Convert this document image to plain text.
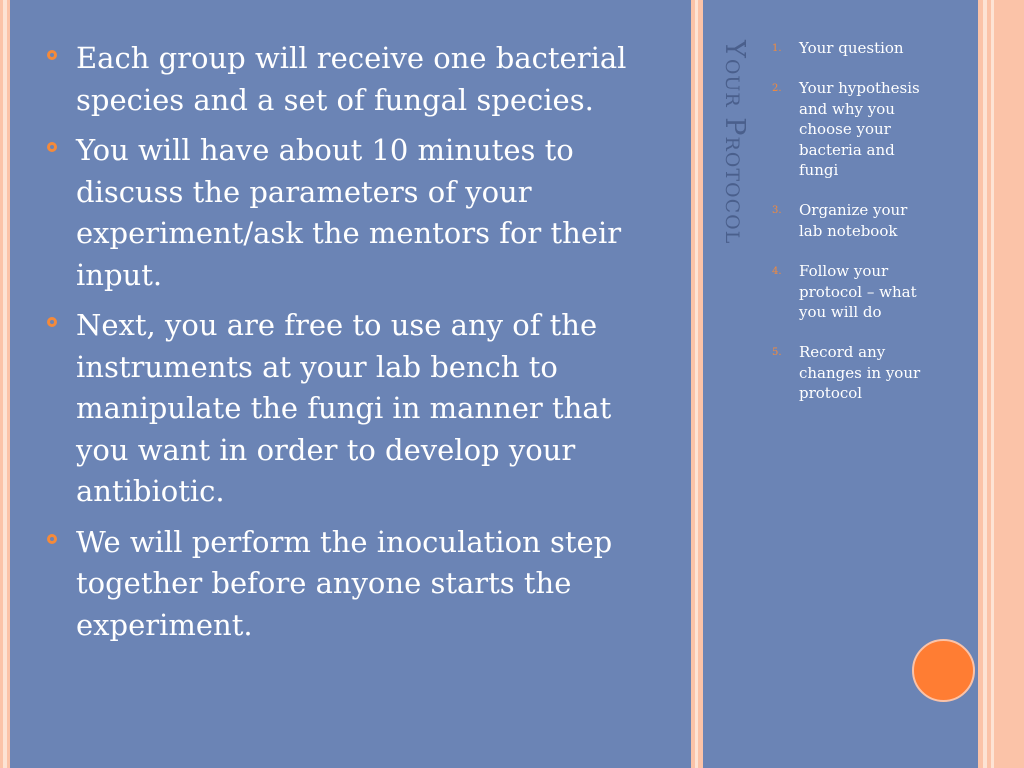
Each group will receive one bacterial species and a set of fungal species.
You will have about 10 minutes to discuss the parameters of your experiment/ask the mentors for their input.
Next, you are free to use any of the instruments at your lab bench to manipulate the fungi in manner that you want in order to develop your antibiotic.
We will perform the inoculation step together before anyone starts the experiment.
Your Protocol 1. Your question
2. Your hypothesis and why you choose your bacteria and fungi
3. Organize your lab notebook
4. Follow your protocol – what you will do
5. Record any changes in your protocol
